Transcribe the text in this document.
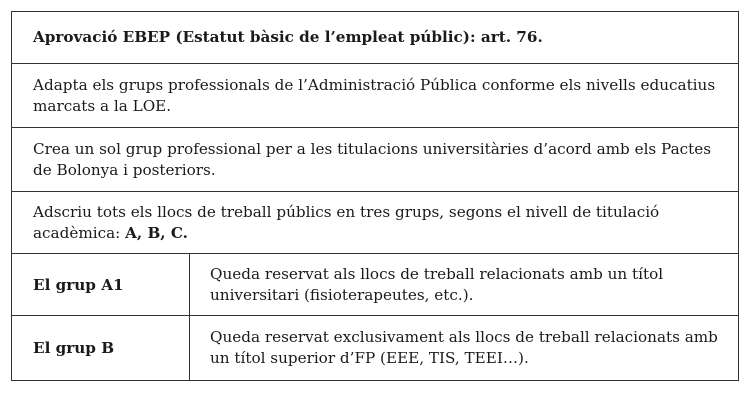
Aprovació EBEP (Estatut bàsic de l’empleat públic): art. 76.
Adapta els grups professionals de l’Administració Pública conforme els nivells educatius marcats a la LOE.
Crea un sol grup professional per a les titulacions universitàries d’acord amb els Pactes de Bolonya i posteriors.
Adscriu tots els llocs de treball públics en tres grups, segons el nivell de titulació acadèmica: A, B, C.
El grup A1
Queda reservat als llocs de treball relacionats amb un títol universitari (fisioterapeutes, etc.).
El grup B
Queda reservat exclusivament als llocs de treball relacionats amb un títol superior d’FP (EEE, TIS, TEEI…).
